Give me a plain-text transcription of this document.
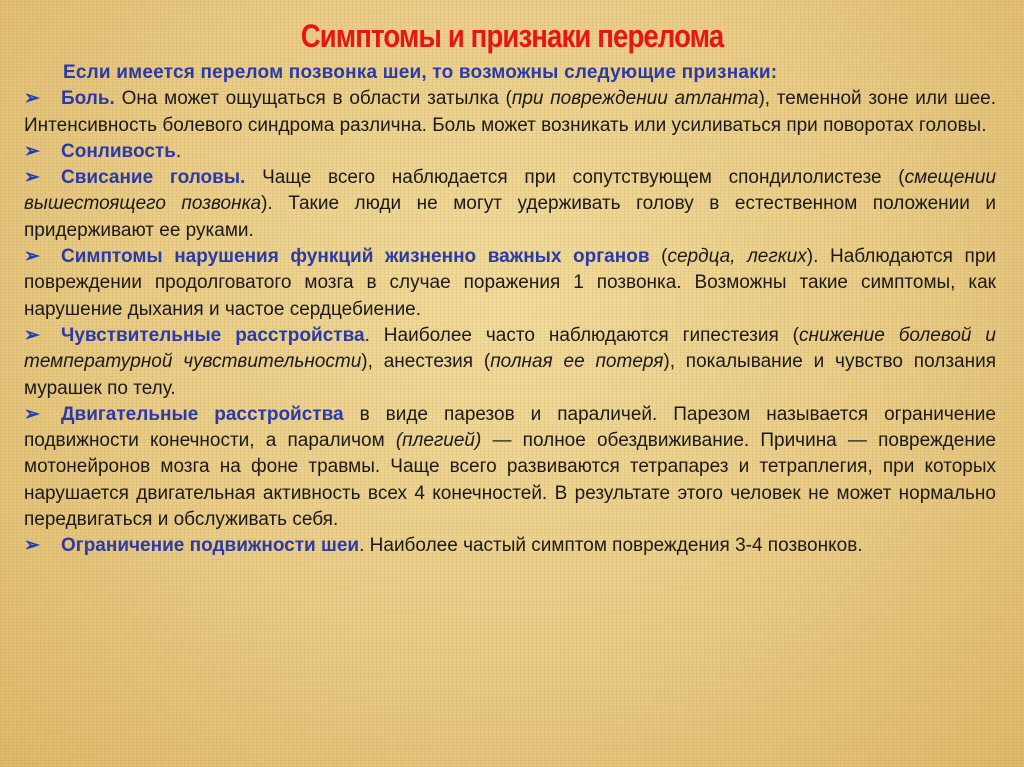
Симптомы и признаки перелома

Если имеется перелом позвонка шеи, то возможны следующие признаки:

➢ Боль. Она может ощущаться в области затылка (при повреждении атланта), теменной зоне или шее. Интенсивность болевого синдрома различна. Боль может возникать или усиливаться при поворотах головы.

➢ Сонливость.

➢ Свисание головы. Чаще всего наблюдается при сопутствующем спондилолистезе (смещении вышестоящего позвонка). Такие люди не могут удерживать голову в естественном положении и придерживают ее руками.

➢ Симптомы нарушения функций жизненно важных органов (сердца, легких). Наблюдаются при повреждении продолговатого мозга в случае поражения 1 позвонка. Возможны такие симптомы, как нарушение дыхания и частое сердцебиение.

➢ Чувствительные расстройства. Наиболее часто наблюдаются гипестезия (снижение болевой и температурной чувствительности), анестезия (полная ее потеря), покалывание и чувство ползания мурашек по телу.

➢ Двигательные расстройства в виде парезов и параличей. Парезом называется ограничение подвижности конечности, а параличом (плегией) — полное обездвиживание. Причина — повреждение мотонейронов мозга на фоне травмы. Чаще всего развиваются тетрапарез и тетраплегия, при которых нарушается двигательная активность всех 4 конечностей. В результате этого человек не может нормально передвигаться и обслуживать себя.

➢ Ограничение подвижности шеи. Наиболее частый симптом повреждения 3-4 позвонков.
